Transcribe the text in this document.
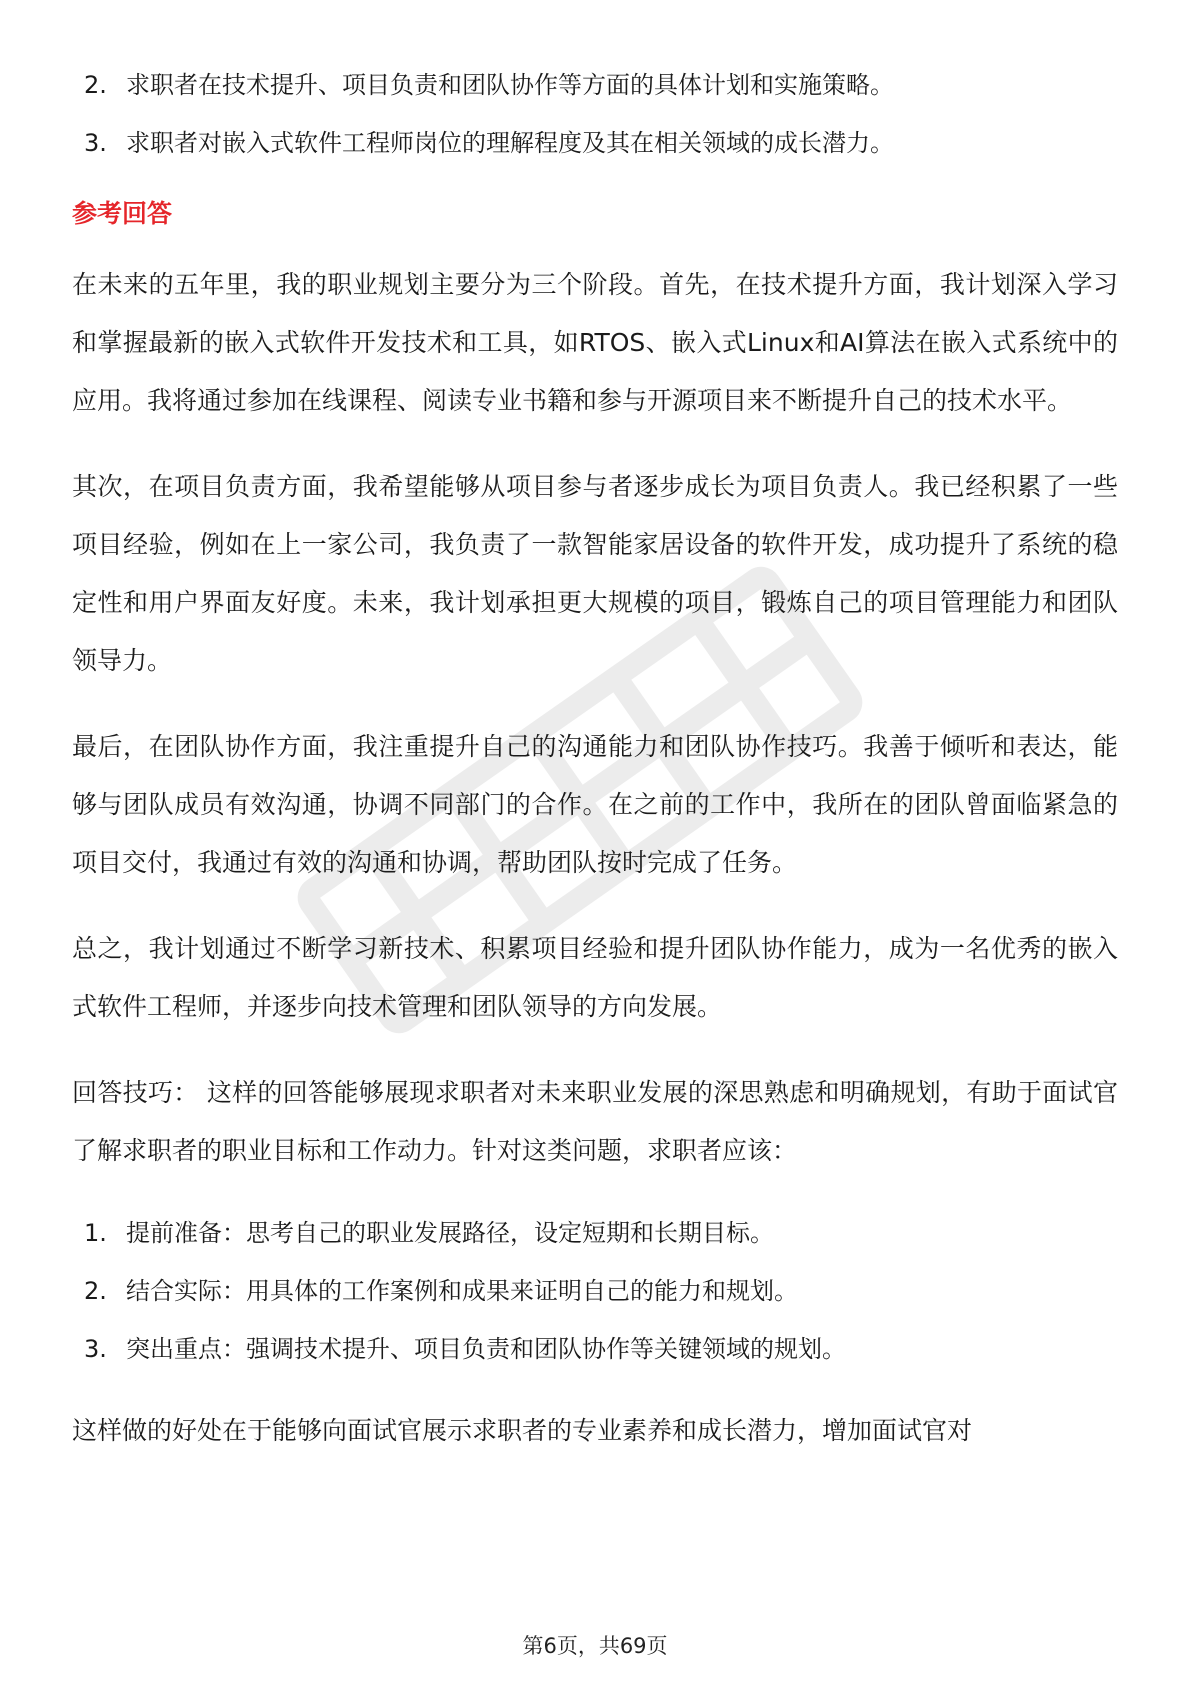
2. 求职者在技术提升、项目负责和团队协作等方面的具体计划和实施策略。
3. 求职者对嵌入式软件工程师岗位的理解程度及其在相关领域的成长潜力。
参考回答

在未来的五年里，我的职业规划主要分为三个阶段。首先，在技术提升方面，我计划深入学习和掌握最新的嵌入式软件开发技术和工具，如RTOS、嵌入式Linux和AI算法在嵌入式系统中的应用。我将通过参加在线课程、阅读专业书籍和参与开源项目来不断提升自己的技术水平。

其次，在项目负责方面，我希望能够从项目参与者逐步成长为项目负责人。我已经积累了一些项目经验，例如在上一家公司，我负责了一款智能家居设备的软件开发，成功提升了系统的稳定性和用户界面友好度。未来，我计划承担更大规模的项目，锻炼自己的项目管理能力和团队领导力。

最后，在团队协作方面，我注重提升自己的沟通能力和团队协作技巧。我善于倾听和表达，能够与团队成员有效沟通，协调不同部门的合作。在之前的工作中，我所在的团队曾面临紧急的项目交付，我通过有效的沟通和协调，帮助团队按时完成了任务。

总之，我计划通过不断学习新技术、积累项目经验和提升团队协作能力，成为一名优秀的嵌入式软件工程师，并逐步向技术管理和团队领导的方向发展。

回答技巧： 这样的回答能够展现求职者对未来职业发展的深思熟虑和明确规划，有助于面试官了解求职者的职业目标和工作动力。针对这类问题，求职者应该：

1. 提前准备：思考自己的职业发展路径，设定短期和长期目标。
2. 结合实际：用具体的工作案例和成果来证明自己的能力和规划。
3. 突出重点：强调技术提升、项目负责和团队协作等关键领域的规划。

这样做的好处在于能够向面试官展示求职者的专业素养和成长潜力，增加面试官对

第6页，共69页
